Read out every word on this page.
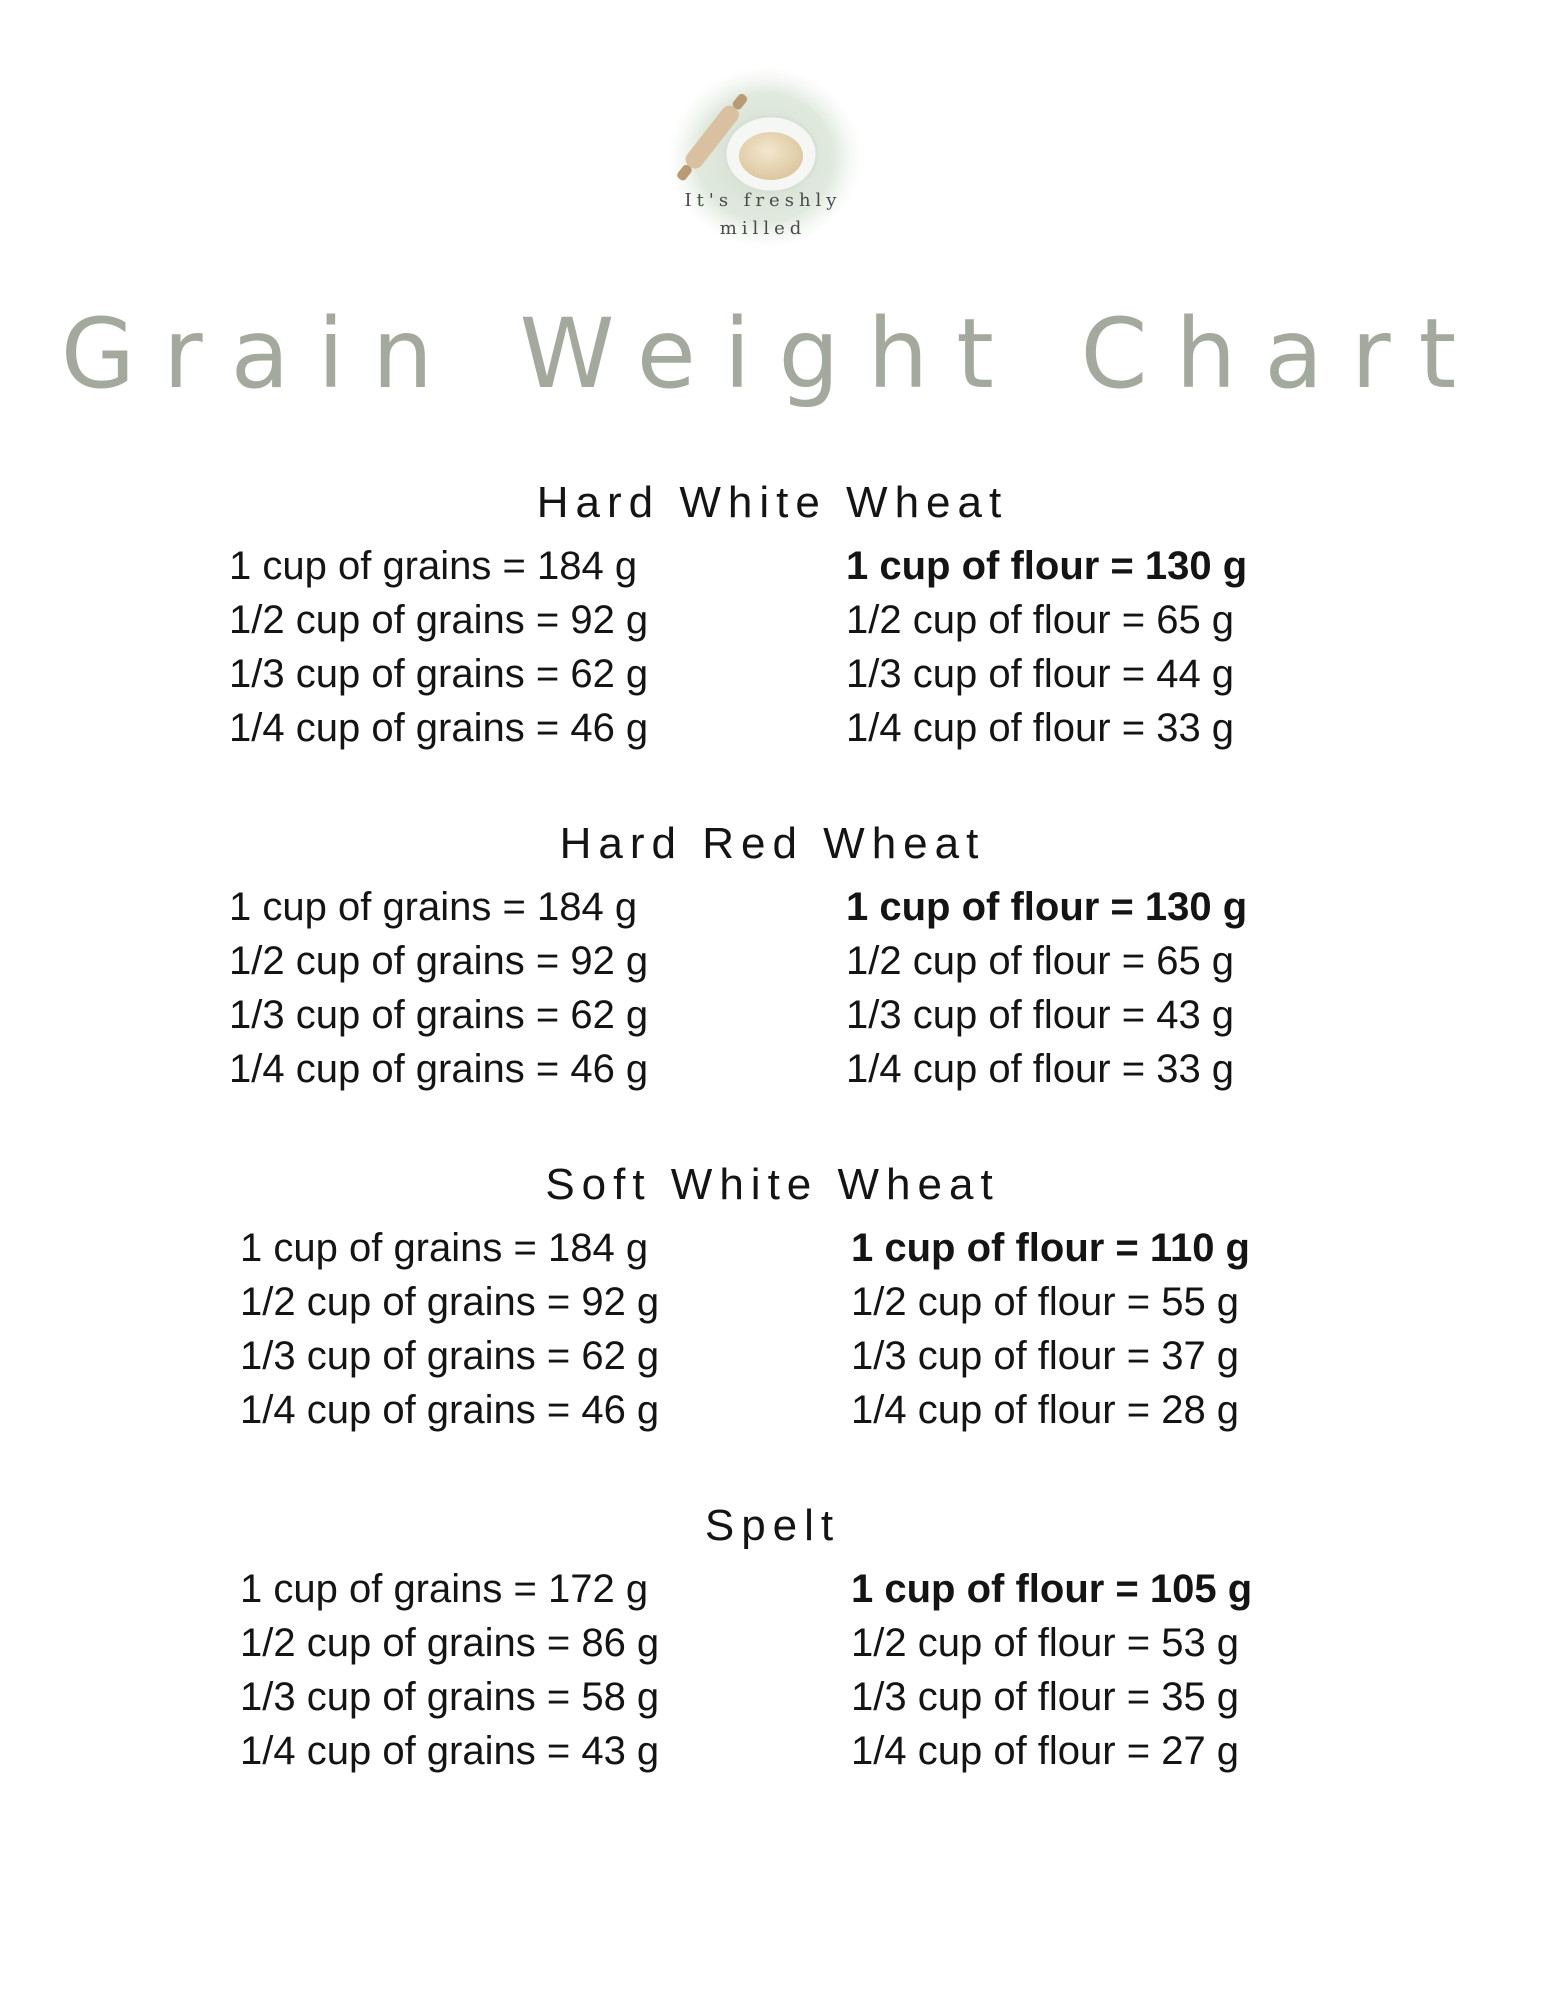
It's freshly
milled
Grain Weight Chart
Hard White Wheat
1 cup of grains = 184 g
1/2 cup of grains = 92 g
1/3 cup of grains = 62 g
1/4 cup of grains = 46 g
1 cup of flour = 130 g
1/2 cup of flour = 65 g
1/3 cup of flour = 44 g
1/4 cup of flour = 33 g
Hard Red Wheat
1 cup of grains = 184 g
1/2 cup of grains = 92 g
1/3 cup of grains = 62 g
1/4 cup of grains = 46 g
1 cup of flour = 130 g
1/2 cup of flour = 65 g
1/3 cup of flour = 43 g
1/4 cup of flour = 33 g
Soft White Wheat
1 cup of grains = 184 g
1/2 cup of grains = 92 g
1/3 cup of grains = 62 g
1/4 cup of grains = 46 g
1 cup of flour = 110 g
1/2 cup of flour = 55 g
1/3 cup of flour = 37 g
1/4 cup of flour = 28 g
Spelt
1 cup of grains = 172 g
1/2 cup of grains = 86 g
1/3 cup of grains = 58 g
1/4 cup of grains = 43 g
1 cup of flour = 105 g
1/2 cup of flour = 53 g
1/3 cup of flour = 35 g
1/4 cup of flour = 27 g
